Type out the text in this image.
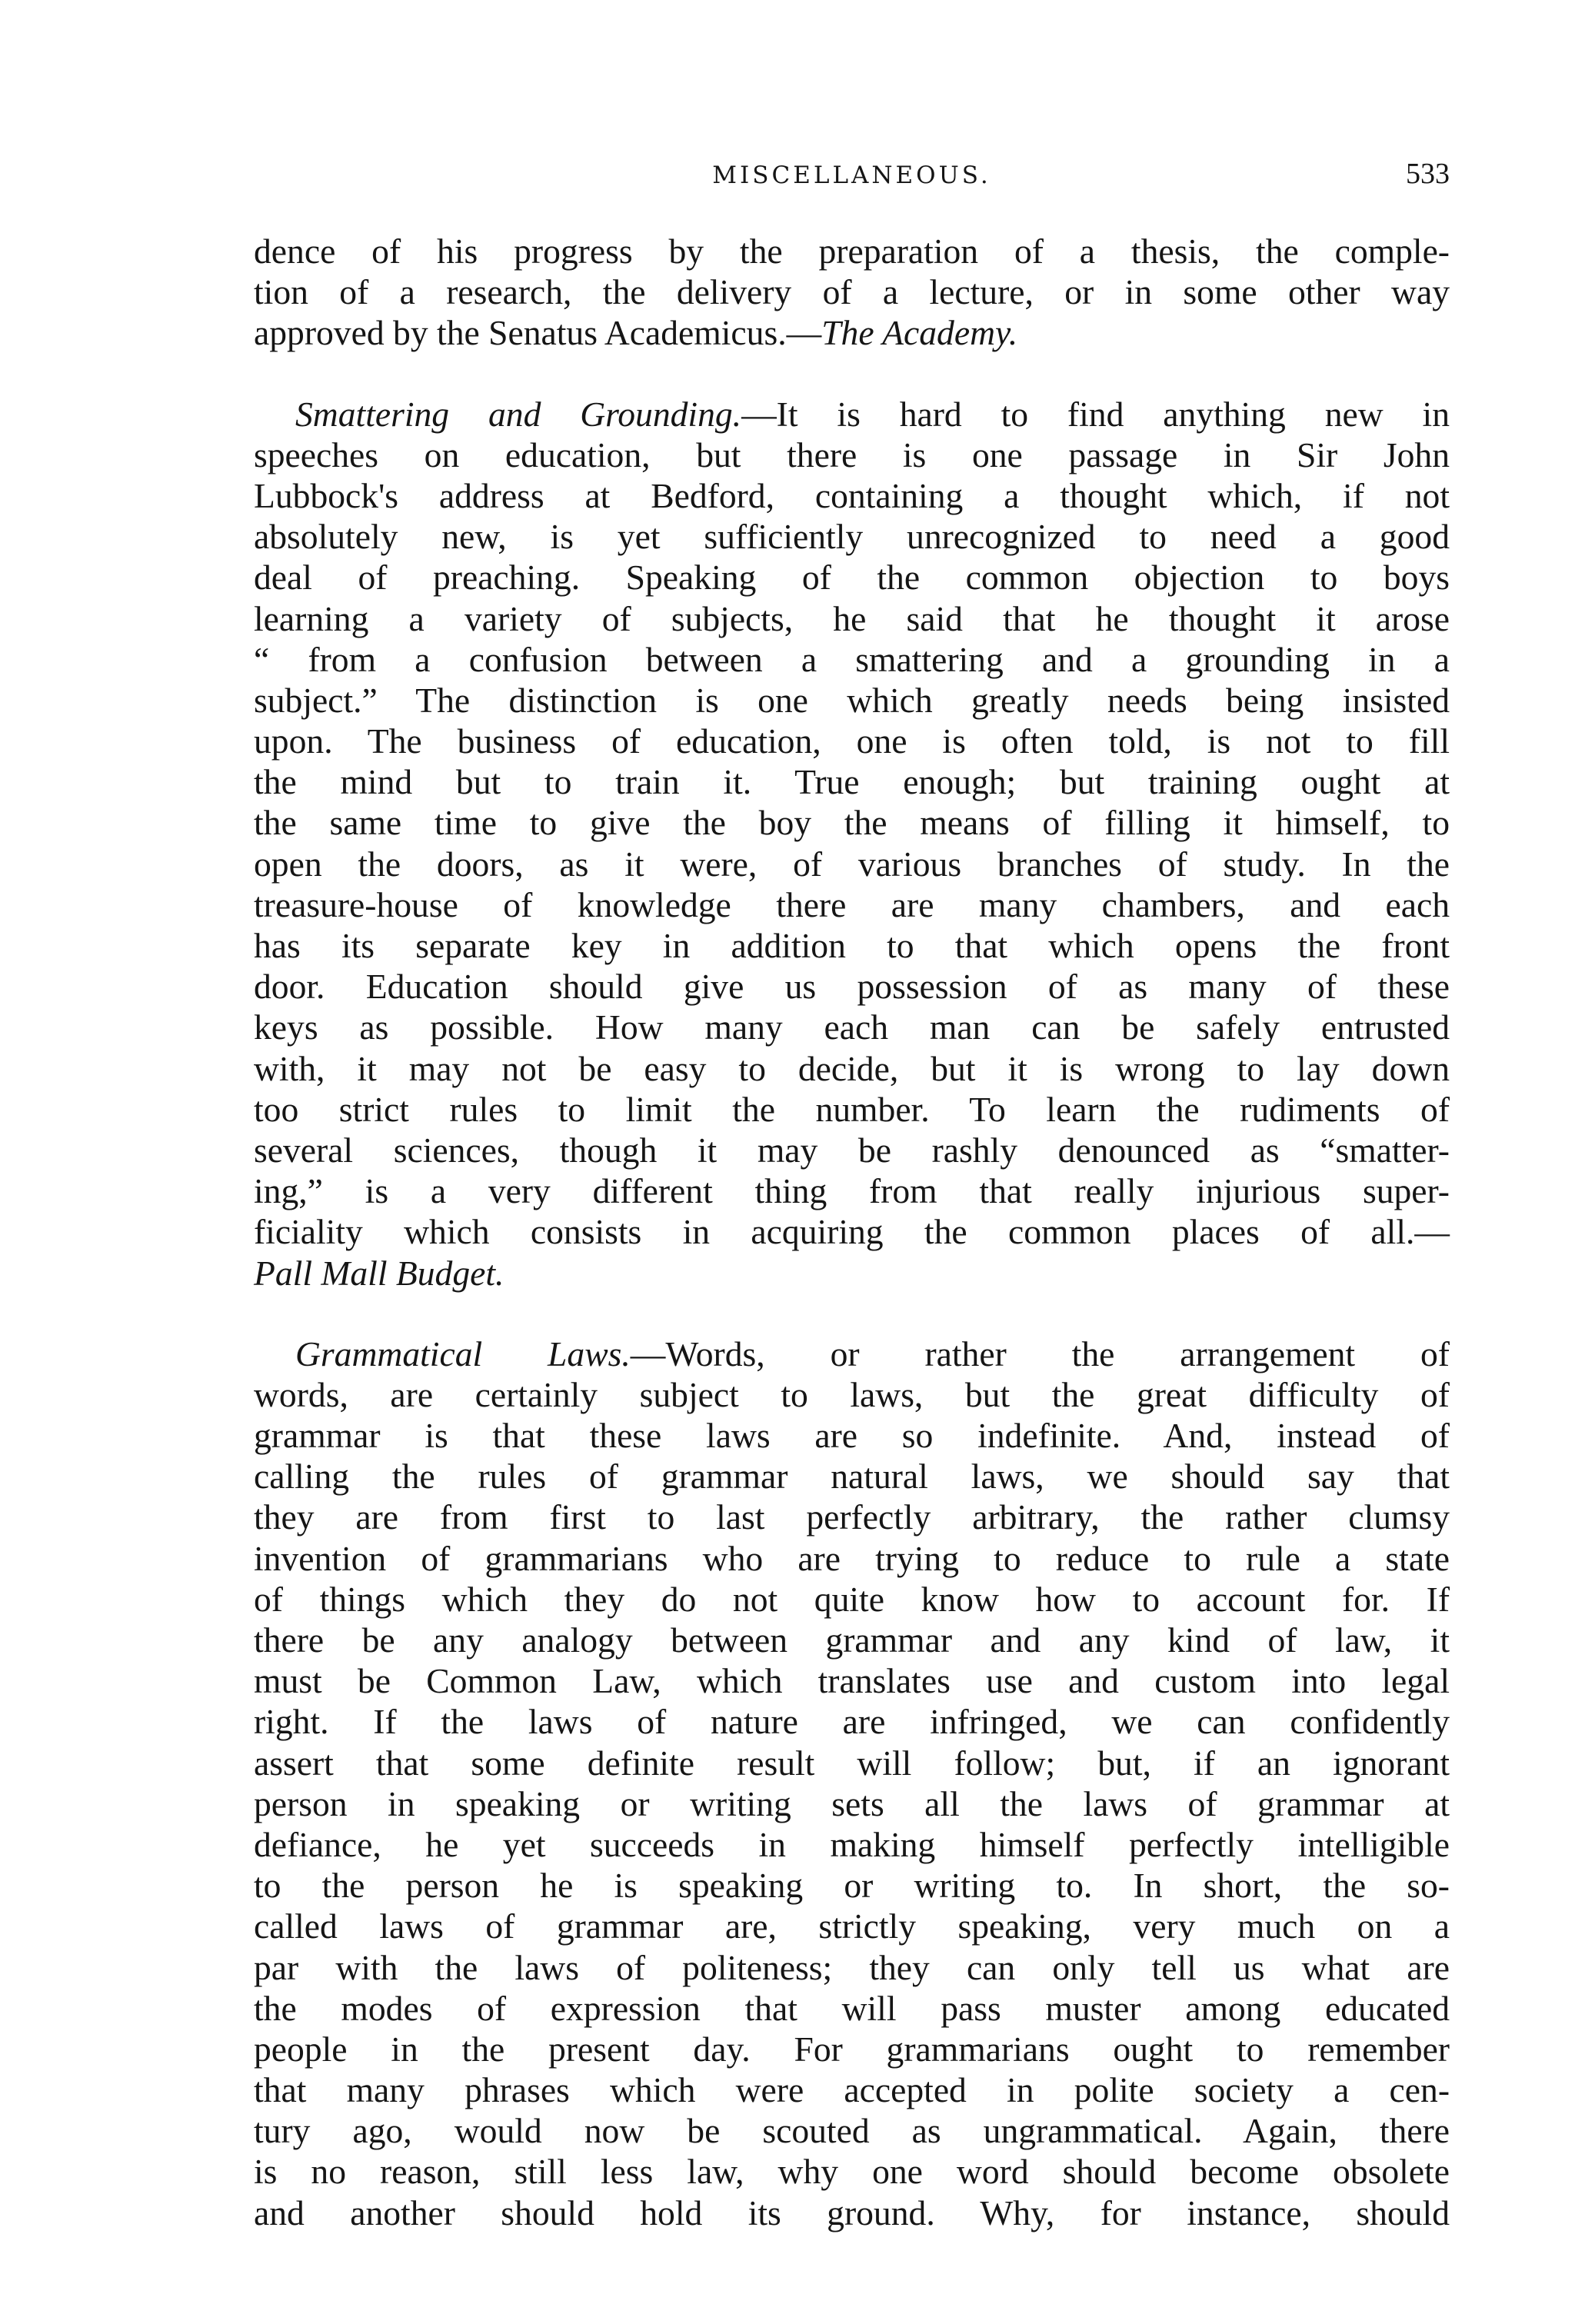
MISCELLANEOUS.	533
dence of his progress by the preparation of a thesis, the comple-
tion of a research, the delivery of a lecture, or in some other way
approved by the Senatus Academicus.—The Academy.
Smattering and Grounding.—It is hard to find anything new in
speeches on education, but there is one passage in Sir John
Lubbock's address at Bedford, containing a thought which, if not
absolutely new, is yet sufficiently unrecognized to need a good
deal of preaching. Speaking of the common objection to boys
learning a variety of subjects, he said that he thought it arose
“ from a confusion between a smattering and a grounding in a
subject.” The distinction is one which greatly needs being insisted
upon. The business of education, one is often told, is not to fill
the mind but to train it. True enough; but training ought at
the same time to give the boy the means of filling it himself, to
open the doors, as it were, of various branches of study. In the
treasure-house of knowledge there are many chambers, and each
has its separate key in addition to that which opens the front
door. Education should give us possession of as many of these
keys as possible. How many each man can be safely entrusted
with, it may not be easy to decide, but it is wrong to lay down
too strict rules to limit the number. To learn the rudiments of
several sciences, though it may be rashly denounced as “smatter-
ing,” is a very different thing from that really injurious super-
ficiality which consists in acquiring the common places of all.—
Pall Mall Budget.
Grammatical Laws.—Words, or rather the arrangement of
words, are certainly subject to laws, but the great difficulty of
grammar is that these laws are so indefinite. And, instead of
calling the rules of grammar natural laws, we should say that
they are from first to last perfectly arbitrary, the rather clumsy
invention of grammarians who are trying to reduce to rule a state
of things which they do not quite know how to account for. If
there be any analogy between grammar and any kind of law, it
must be Common Law, which translates use and custom into legal
right. If the laws of nature are infringed, we can confidently
assert that some definite result will follow; but, if an ignorant
person in speaking or writing sets all the laws of grammar at
defiance, he yet succeeds in making himself perfectly intelligible
to the person he is speaking or writing to. In short, the so-
called laws of grammar are, strictly speaking, very much on a
par with the laws of politeness; they can only tell us what are
the modes of expression that will pass muster among educated
people in the present day. For grammarians ought to remember
that many phrases which were accepted in polite society a cen-
tury ago, would now be scouted as ungrammatical. Again, there
is no reason, still less law, why one word should become obsolete
and another should hold its ground. Why, for instance, should
